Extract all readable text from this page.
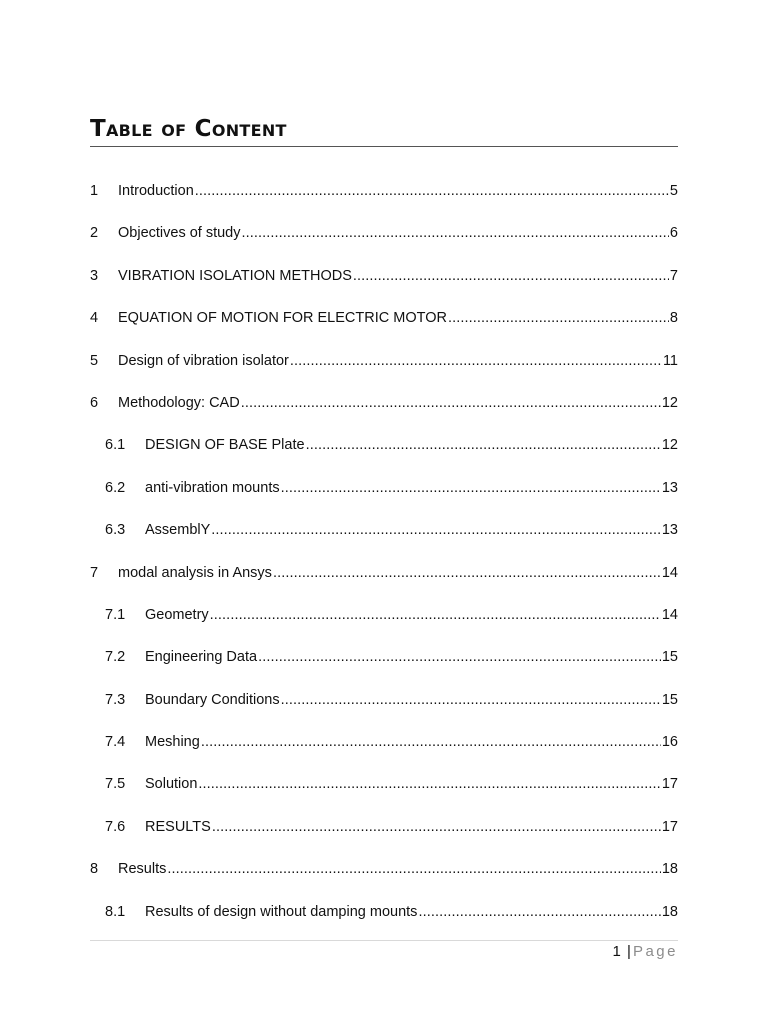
Table of Content
1	Introduction .....	5
2	Objectives of study .....	6
3	VIBRATION ISOLATION METHODS .....	7
4	EQUATION OF MOTION FOR ELECTRIC MOTOR .....	8
5	Design of vibration isolator .....	11
6	Methodology: CAD .....	12
6.1	DESIGN OF BASE Plate .....	12
6.2	anti-vibration mounts .....	13
6.3	AssemblY .....	13
7	modal analysis in Ansys .....	14
7.1	Geometry .....	14
7.2	Engineering Data .....	15
7.3	Boundary Conditions .....	15
7.4	Meshing .....	16
7.5	Solution .....	17
7.6	RESULTS .....	17
8	Results .....	18
8.1	Results of design without damping mounts .....	18
1 | Page
